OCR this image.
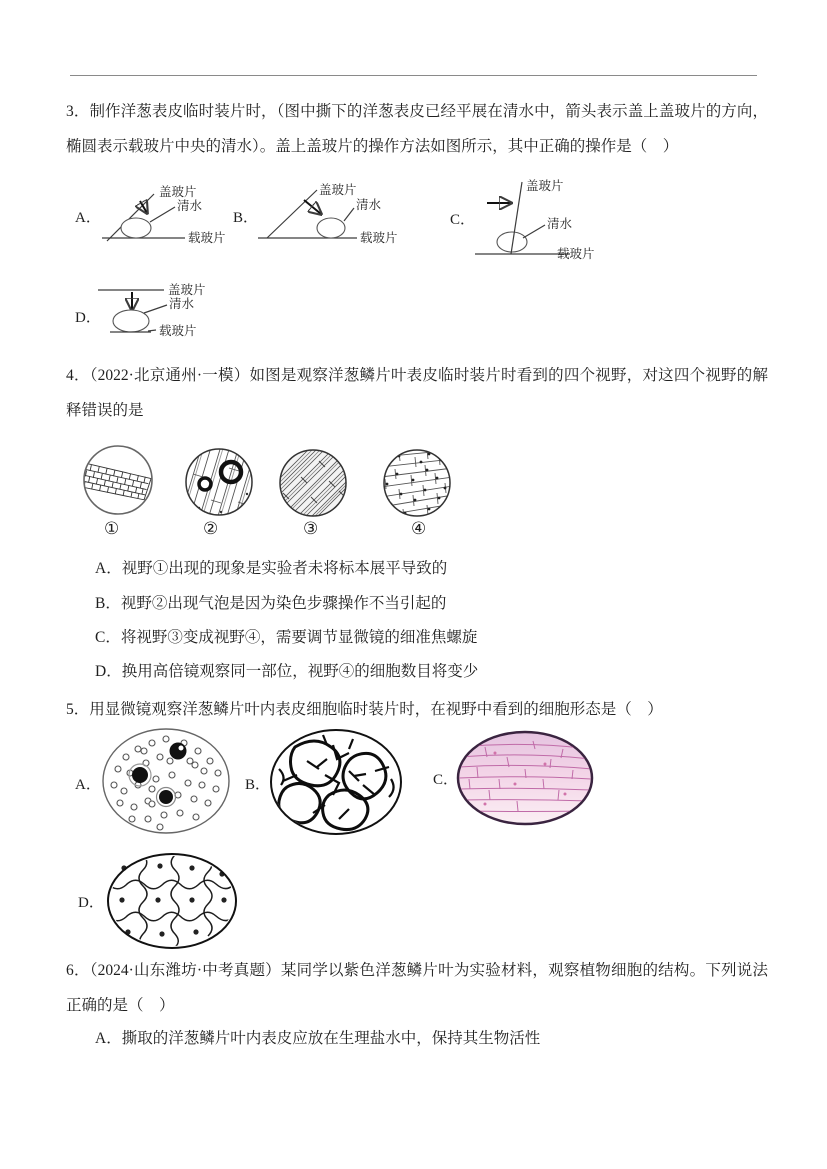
3．制作洋葱表皮临时装片时，（图中撕下的洋葱表皮已经平展在清水中，箭头表示盖上盖玻片的方向，椭圆表示载玻片中央的清水）。盖上盖玻片的操作方法如图所示，其中正确的操作是（　）
A．
盖玻片
清水
载玻片
B．
盖玻片
清水
载玻片
C．
盖玻片
清水
载玻片
D．
盖玻片
清水
载玻片
4．（2022·北京通州·一模）如图是观察洋葱鳞片叶表皮临时装片时看到的四个视野，对这四个视野的解释错误的是
①	②	③	④
A．视野①出现的现象是实验者未将标本展平导致的
B．视野②出现气泡是因为染色步骤操作不当引起的
C．将视野③变成视野④，需要调节显微镜的细准焦螺旋
D．换用高倍镜观察同一部位，视野④的细胞数目将变少
5．用显微镜观察洋葱鳞片叶内表皮细胞临时装片时，在视野中看到的细胞形态是（　）
A．	B．	C．
D．
6．（2024·山东潍坊·中考真题）某同学以紫色洋葱鳞片叶为实验材料，观察植物细胞的结构。下列说法正确的是（　）
A．撕取的洋葱鳞片叶内表皮应放在生理盐水中，保持其生物活性
